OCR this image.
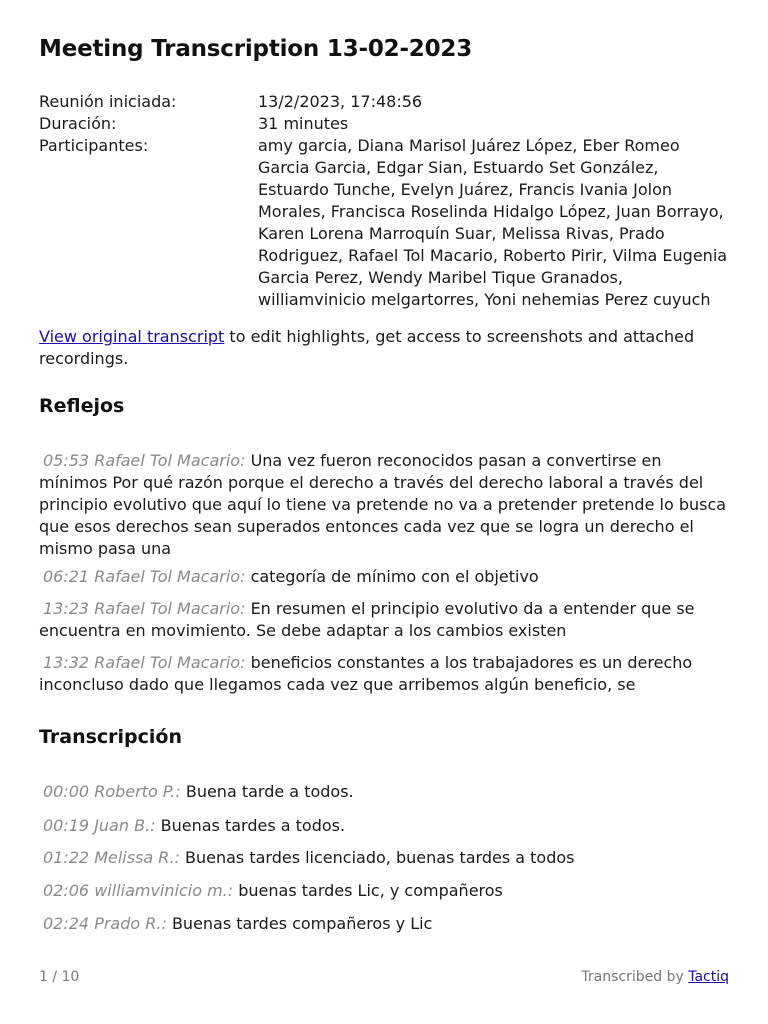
Meeting Transcription 13-02-2023
Reunión iniciada:	13/2/2023, 17:48:56
Duración:	31 minutes
Participantes:	amy garcia, Diana Marisol Juárez López, Eber Romeo Garcia Garcia, Edgar Sian, Estuardo Set González, Estuardo Tunche, Evelyn Juárez, Francis Ivania Jolon Morales, Francisca Roselinda Hidalgo López, Juan Borrayo, Karen Lorena Marroquín Suar, Melissa Rivas, Prado Rodriguez, Rafael Tol Macario, Roberto Pirir, Vilma Eugenia Garcia Perez, Wendy Maribel Tique Granados, williamvinicio melgartorres, Yoni nehemias Perez cuyuch
View original transcript to edit highlights, get access to screenshots and attached recordings.
Reflejos
05:53 Rafael Tol Macario: Una vez fueron reconocidos pasan a convertirse en mínimos Por qué razón porque el derecho a través del derecho laboral a través del principio evolutivo que aquí lo tiene va pretende no va a pretender pretende lo busca que esos derechos sean superados entonces cada vez que se logra un derecho el mismo pasa una
06:21 Rafael Tol Macario: categoría de mínimo con el objetivo
13:23 Rafael Tol Macario: En resumen el principio evolutivo da a entender que se encuentra en movimiento. Se debe adaptar a los cambios existen
13:32 Rafael Tol Macario: beneficios constantes a los trabajadores es un derecho inconcluso dado que llegamos cada vez que arribemos algún beneficio, se
Transcripción
00:00 Roberto P.: Buena tarde a todos.
00:19 Juan B.: Buenas tardes a todos.
01:22 Melissa R.: Buenas tardes licenciado, buenas tardes a todos
02:06 williamvinicio m.: buenas tardes Lic, y compañeros
02:24 Prado R.: Buenas tardes compañeros y Lic
1 / 10	Transcribed by Tactiq
